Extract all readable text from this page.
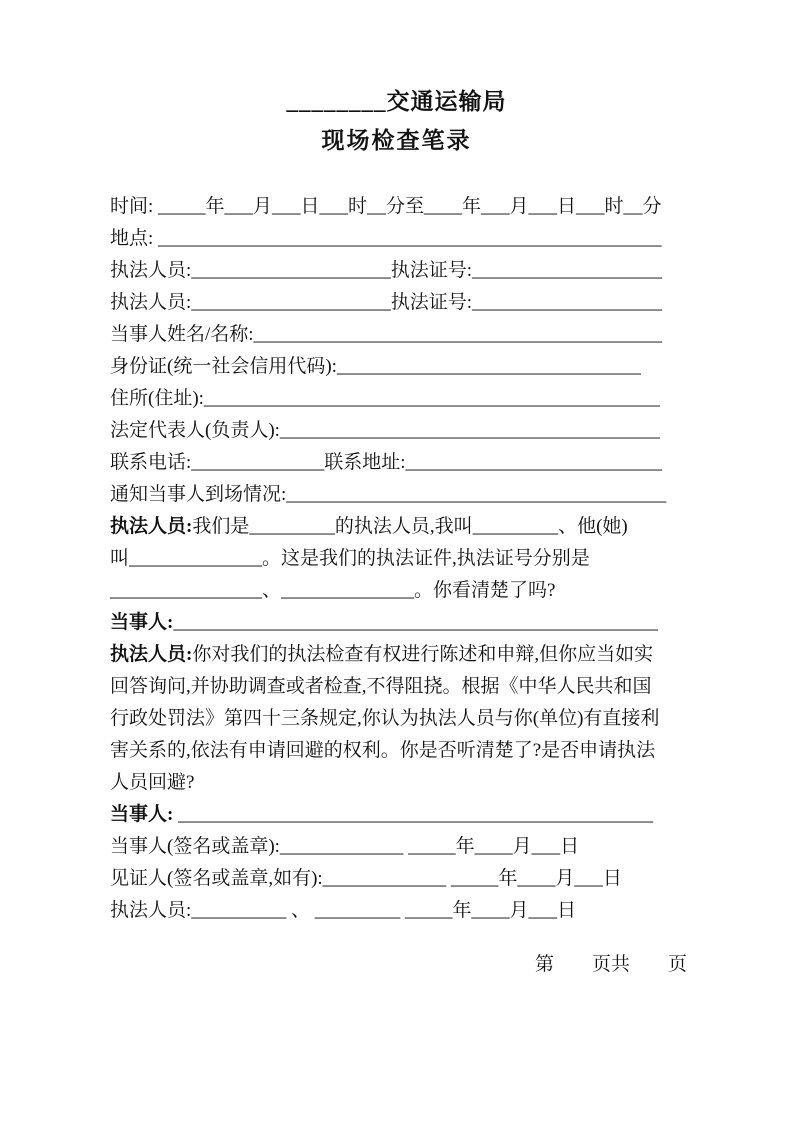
________交通运输局
现场检查笔录

时间: _____年___月___日___时__分至____年___月___日___时__分

地点: _____________________________________________________

执法人员:_____________________执法证号:____________________

执法人员:_____________________执法证号:____________________

当事人姓名/名称:___________________________________________

身份证(统一社会信用代码):________________________________

住所(住址):________________________________________________

法定代表人(负责人):________________________________________

联系电话:______________联系地址:___________________________

通知当事人到场情况:________________________________________

执法人员:我们是_________的执法人员,我叫_________、他(她)

叫______________。这是我们的执法证件,执法证号分别是

________________、______________。你看清楚了吗?

当事人:___________________________________________________

执法人员:你对我们的执法检查有权进行陈述和申辩,但你应当如实

回答询问,并协助调查或者检查,不得阻挠。根据《中华人民共和国

行政处罚法》第四十三条规定,你认为执法人员与你(单位)有直接利

害关系的,依法有申请回避的权利。你是否听清楚了?是否申请执法

人员回避?

当事人: __________________________________________________

当事人(签名或盖章):_____________ _____年____月___日

见证人(签名或盖章,如有):_____________ _____年____月___日

执法人员:__________ 、 _________ _____年____月___日

第　　页共　　页
